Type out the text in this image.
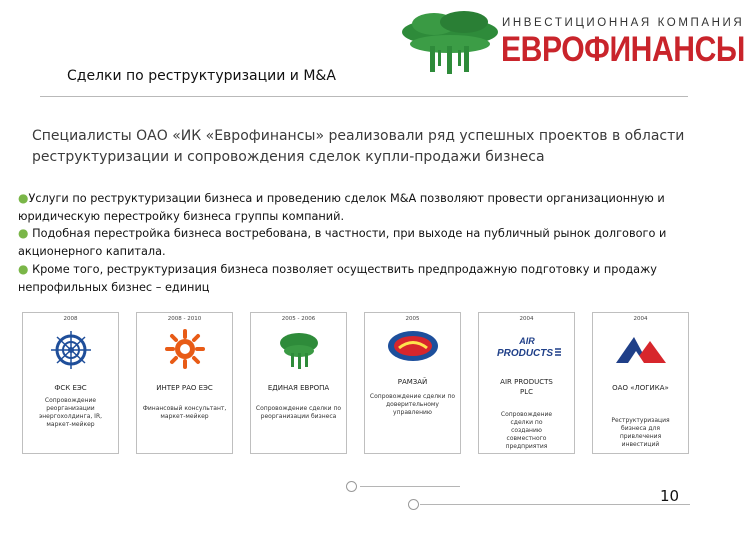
ИНВЕСТИЦИОННАЯ КОМПАНИЯ
ЕВРОФИНАНСЫ
Сделки по реструктуризации и M&A
Специалисты ОАО «ИК «Еврофинансы» реализовали ряд успешных проектов в области реструктуризации и сопровождения сделок купли-продажи бизнеса

●Услуги по реструктуризации бизнеса и проведению сделок M&A позволяют провести организационную и юридическую перестройку бизнеса группы компаний.

● Подобная перестройка бизнеса востребована, в частности, при выходе на публичный рынок долгового и акционерного капитала.

● Кроме того, реструктуризация бизнеса позволяет осуществить предпродажную подготовку и продажу непрофильных бизнес – единиц

2008
ФСК ЕЭС
Сопровождение реорганизации энергохолдинга, IR, маркет-мейкер
2008 - 2010
ИНТЕР РАО ЕЭС
Финансовый консультант, маркет-мейкер
2005 - 2006
ЕДИНАЯ ЕВРОПА
Сопровождение сделки по реорганизации бизнеса
2005
РАМЗАЙ
Сопровождение сделки по доверительному управлению
2004
AIR
PRODUCTS
AIR PRODUCTS PLC
Сопровождение сделки по созданию совместного предприятия
2004
ОАО «ЛОГИКА»
Реструктуризация бизнеса для привлечения инвестиций
10
